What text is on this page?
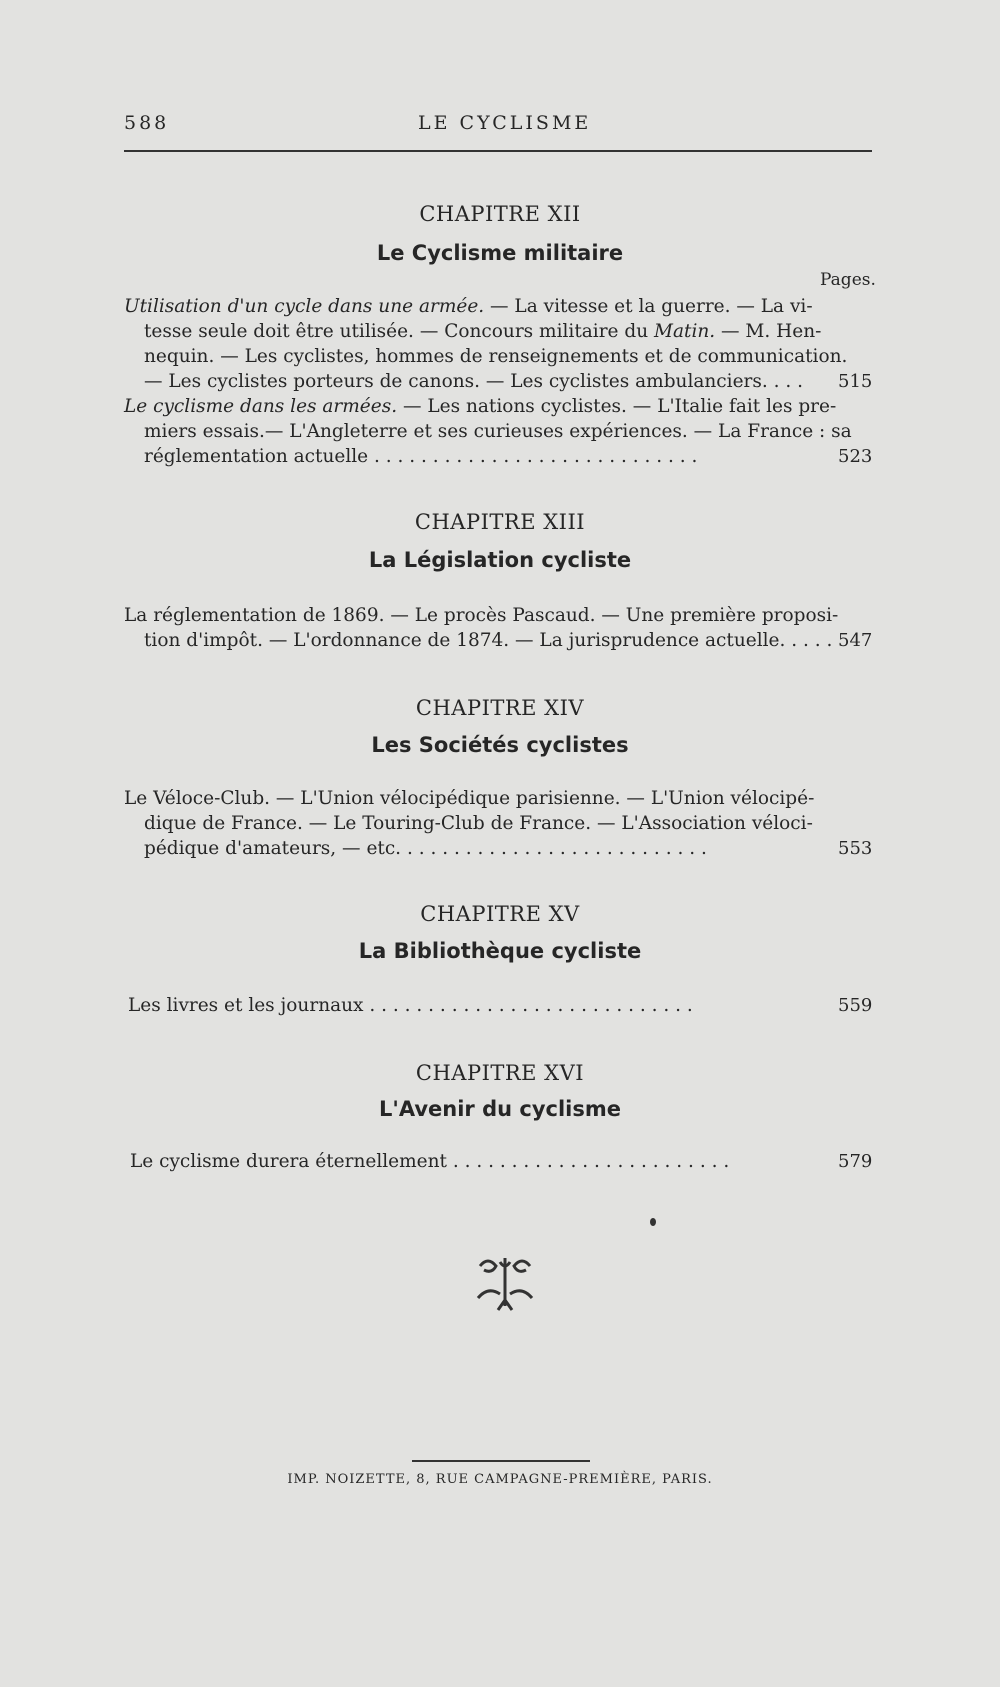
588	LE CYCLISME
CHAPITRE XII
Le Cyclisme militaire
Pages.
Utilisation d'un cycle dans une armée. — La vitesse et la guerre. — La vi-
tesse seule doit être utilisée. — Concours militaire du Matin. — M. Hen-
nequin. — Les cyclistes, hommes de renseignements et de communication.
— Les cyclistes porteurs de canons. — Les cyclistes ambulanciers. . . . 515
Le cyclisme dans les armées. — Les nations cyclistes. — L'Italie fait les pre-
miers essais.— L'Angleterre et ses curieuses expériences. — La France : sa
réglementation actuelle . . . . . . . . . . . . . . . . . . . . . . . . . . . .	523
CHAPITRE XIII
La Législation cycliste
La réglementation de 1869. — Le procès Pascaud. — Une première proposi-
tion d'impôt. — L'ordonnance de 1874. — La jurisprudence actuelle. . . . . 547
CHAPITRE XIV
Les Sociétés cyclistes
Le Véloce-Club. — L'Union vélocipédique parisienne. — L'Union vélocipé-
dique de France. — Le Touring-Club de France. — L'Association véloci-
pédique d'amateurs, — etc. . . . . . . . . . . . . . . . . . . . . . . . . . .	553
CHAPITRE XV
La Bibliothèque cycliste
Les livres et les journaux . . . . . . . . . . . . . . . . . . . . . . . . . . . .	559
CHAPITRE XVI
L'Avenir du cyclisme
Le cyclisme durera éternellement . . . . . . . . . . . . . . . . . . . . . . . .	579
IMP. NOIZETTE, 8, RUE CAMPAGNE-PREMIÈRE, PARIS.
